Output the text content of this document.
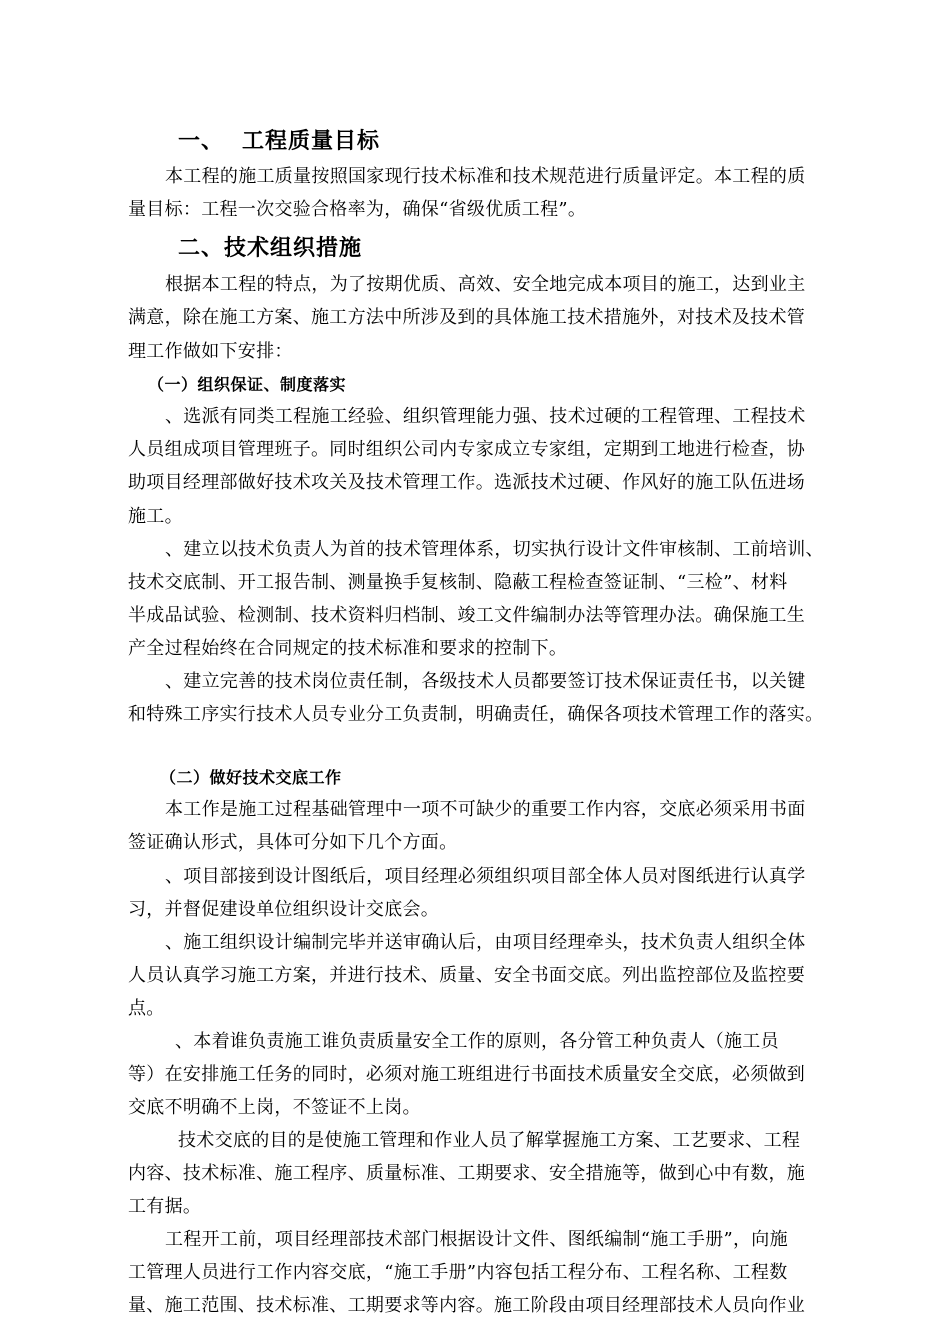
一、 工程质量目标

本工程的施工质量按照国家现行技术标准和技术规范进行质量评定。本工程的质

量目标：工程一次交验合格率为，确保“省级优质工程”。

二、技术组织措施

根据本工程的特点，为了按期优质、高效、安全地完成本项目的施工，达到业主

满意，除在施工方案、施工方法中所涉及到的具体施工技术措施外，对技术及技术管

理工作做如下安排：

（一）组织保证、制度落实

、选派有同类工程施工经验、组织管理能力强、技术过硬的工程管理、工程技术

人员组成项目管理班子。同时组织公司内专家成立专家组，定期到工地进行检查，协

助项目经理部做好技术攻关及技术管理工作。选派技术过硬、作风好的施工队伍进场

施工。

、建立以技术负责人为首的技术管理体系，切实执行设计文件审核制、工前培训、

技术交底制、开工报告制、测量换手复核制、隐蔽工程检查签证制、“三检”、材料

半成品试验、检测制、技术资料归档制、竣工文件编制办法等管理办法。确保施工生

产全过程始终在合同规定的技术标准和要求的控制下。

、建立完善的技术岗位责任制，各级技术人员都要签订技术保证责任书，以关键

和特殊工序实行技术人员专业分工负责制，明确责任，确保各项技术管理工作的落实。

（二）做好技术交底工作

本工作是施工过程基础管理中一项不可缺少的重要工作内容，交底必须采用书面

签证确认形式，具体可分如下几个方面。

、项目部接到设计图纸后，项目经理必须组织项目部全体人员对图纸进行认真学

习，并督促建设单位组织设计交底会。

、施工组织设计编制完毕并送审确认后，由项目经理牵头，技术负责人组织全体

人员认真学习施工方案，并进行技术、质量、安全书面交底。列出监控部位及监控要

点。

、本着谁负责施工谁负责质量安全工作的原则，各分管工种负责人（施工员

等）在安排施工任务的同时，必须对施工班组进行书面技术质量安全交底，必须做到

交底不明确不上岗，不签证不上岗。

技术交底的目的是使施工管理和作业人员了解掌握施工方案、工艺要求、工程

内容、技术标准、施工程序、质量标准、工期要求、安全措施等，做到心中有数，施

工有据。

工程开工前，项目经理部技术部门根据设计文件、图纸编制“施工手册”，向施

工管理人员进行工作内容交底，“施工手册”内容包括工程分布、工程名称、工程数

量、施工范围、技术标准、工期要求等内容。施工阶段由项目经理部技术人员向作业
